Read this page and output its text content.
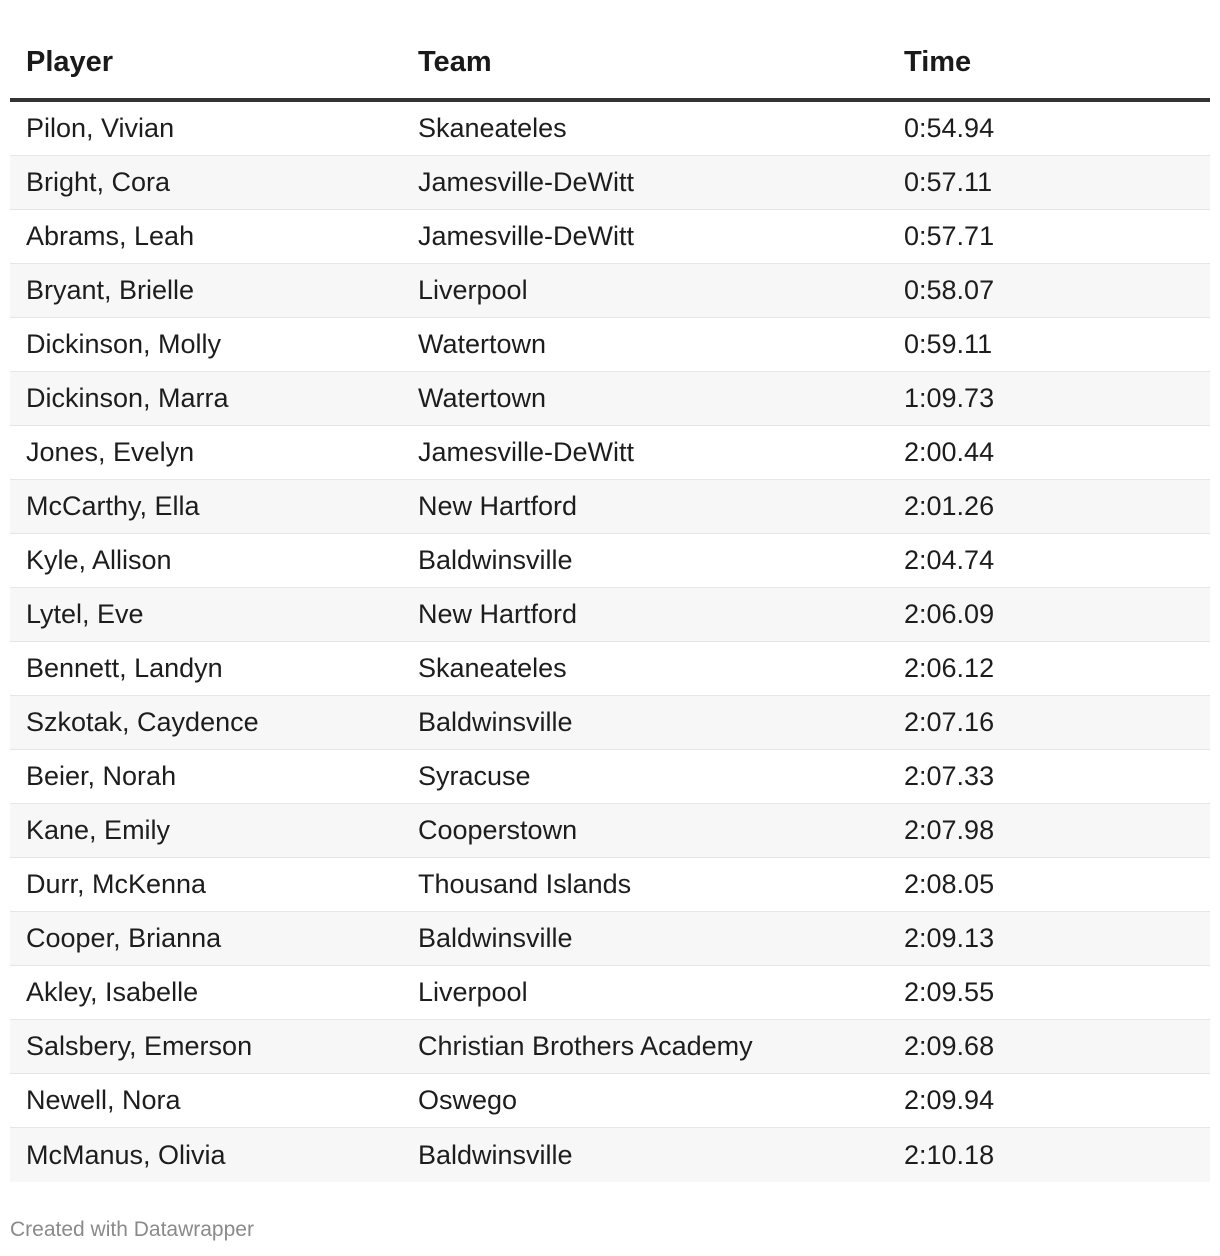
Player	Team	Time
Pilon, Vivian	Skaneateles	0:54.94
Bright, Cora	Jamesville-DeWitt	0:57.11
Abrams, Leah	Jamesville-DeWitt	0:57.71
Bryant, Brielle	Liverpool	0:58.07
Dickinson, Molly	Watertown	0:59.11
Dickinson, Marra	Watertown	1:09.73
Jones, Evelyn	Jamesville-DeWitt	2:00.44
McCarthy, Ella	New Hartford	2:01.26
Kyle, Allison	Baldwinsville	2:04.74
Lytel, Eve	New Hartford	2:06.09
Bennett, Landyn	Skaneateles	2:06.12
Szkotak, Caydence	Baldwinsville	2:07.16
Beier, Norah	Syracuse	2:07.33
Kane, Emily	Cooperstown	2:07.98
Durr, McKenna	Thousand Islands	2:08.05
Cooper, Brianna	Baldwinsville	2:09.13
Akley, Isabelle	Liverpool	2:09.55
Salsbery, Emerson	Christian Brothers Academy	2:09.68
Newell, Nora	Oswego	2:09.94
McManus, Olivia	Baldwinsville	2:10.18
Created with Datawrapper
